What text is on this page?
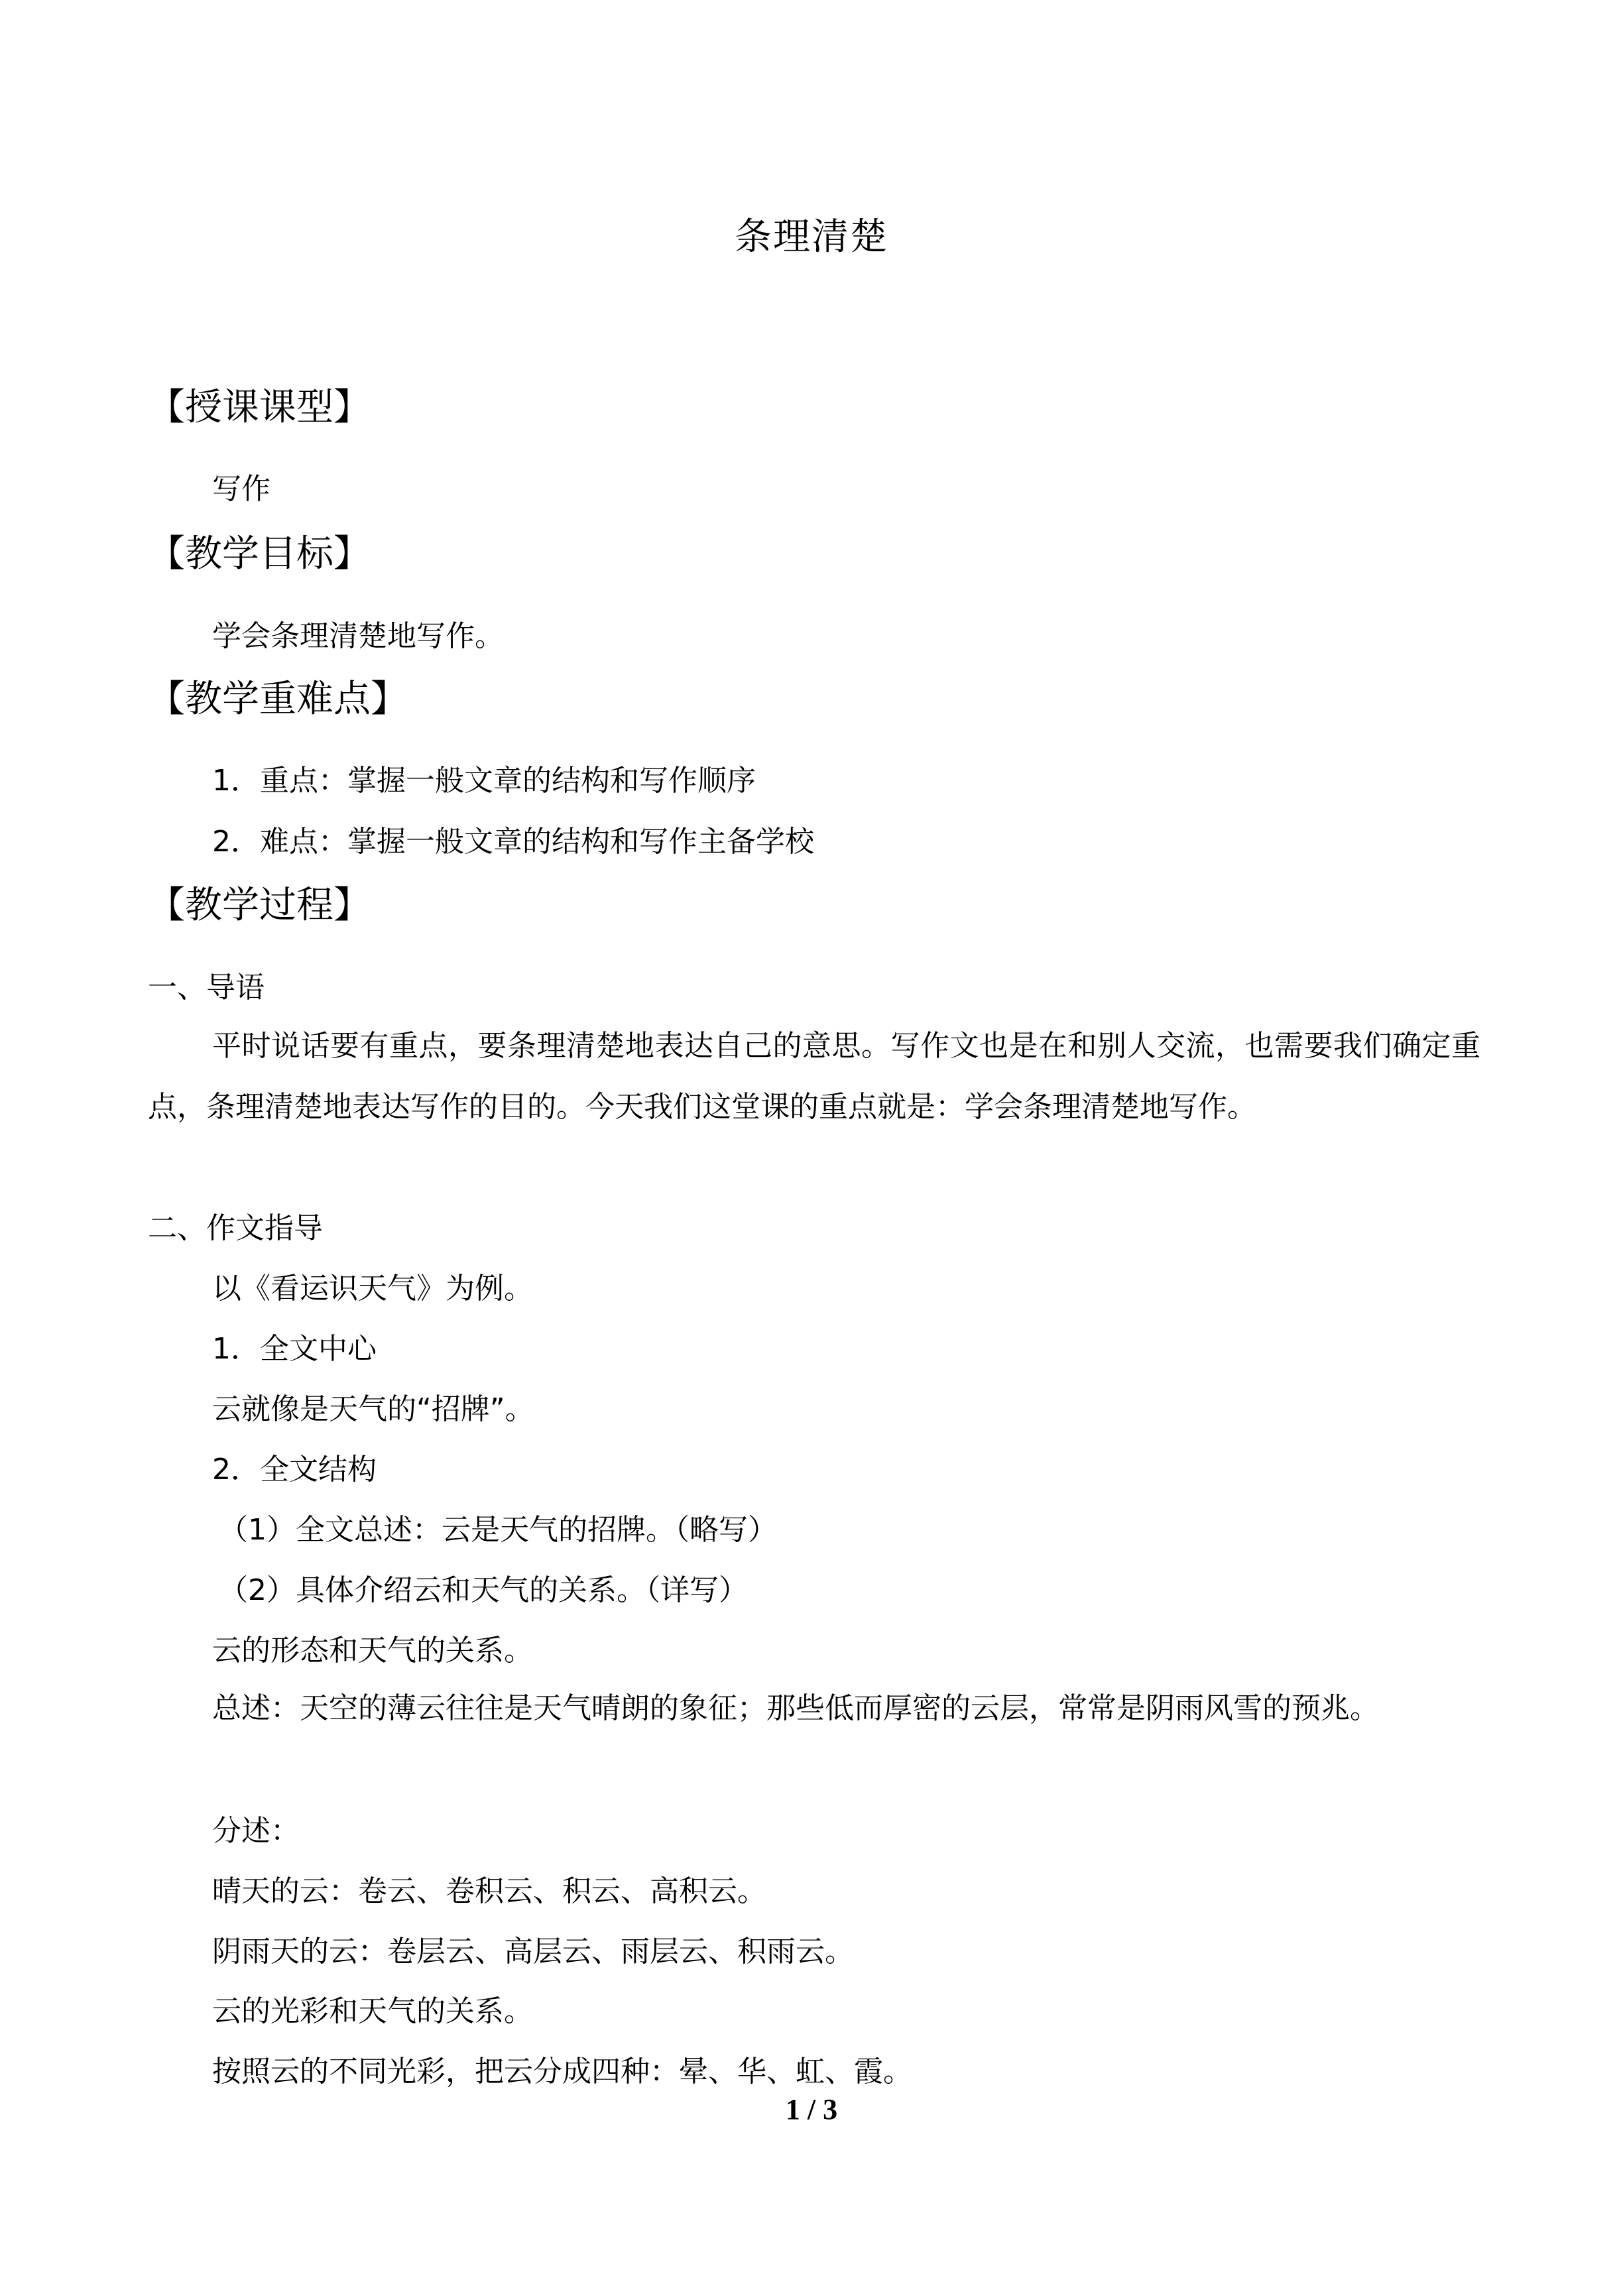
条理清楚
【授课课型】
写作
【教学目标】
学会条理清楚地写作。
【教学重难点】
1．重点：掌握一般文章的结构和写作顺序
2．难点：掌握一般文章的结构和写作主备学校
【教学过程】
一、导语
平时说话要有重点，要条理清楚地表达自己的意思。写作文也是在和别人交流，也需要我们确定重点，条理清楚地表达写作的目的。今天我们这堂课的重点就是：学会条理清楚地写作。
二、作文指导
以《看运识天气》为例。
1．全文中心
云就像是天气的“招牌”。
2．全文结构
（1）全文总述：云是天气的招牌。（略写）
（2）具体介绍云和天气的关系。（详写）
云的形态和天气的关系。
总述：天空的薄云往往是天气晴朗的象征；那些低而厚密的云层，常常是阴雨风雪的预兆。
分述：
晴天的云：卷云、卷积云、积云、高积云。
阴雨天的云：卷层云、高层云、雨层云、积雨云。
云的光彩和天气的关系。
按照云的不同光彩，把云分成四种：晕、华、虹、霞。
1 / 3
